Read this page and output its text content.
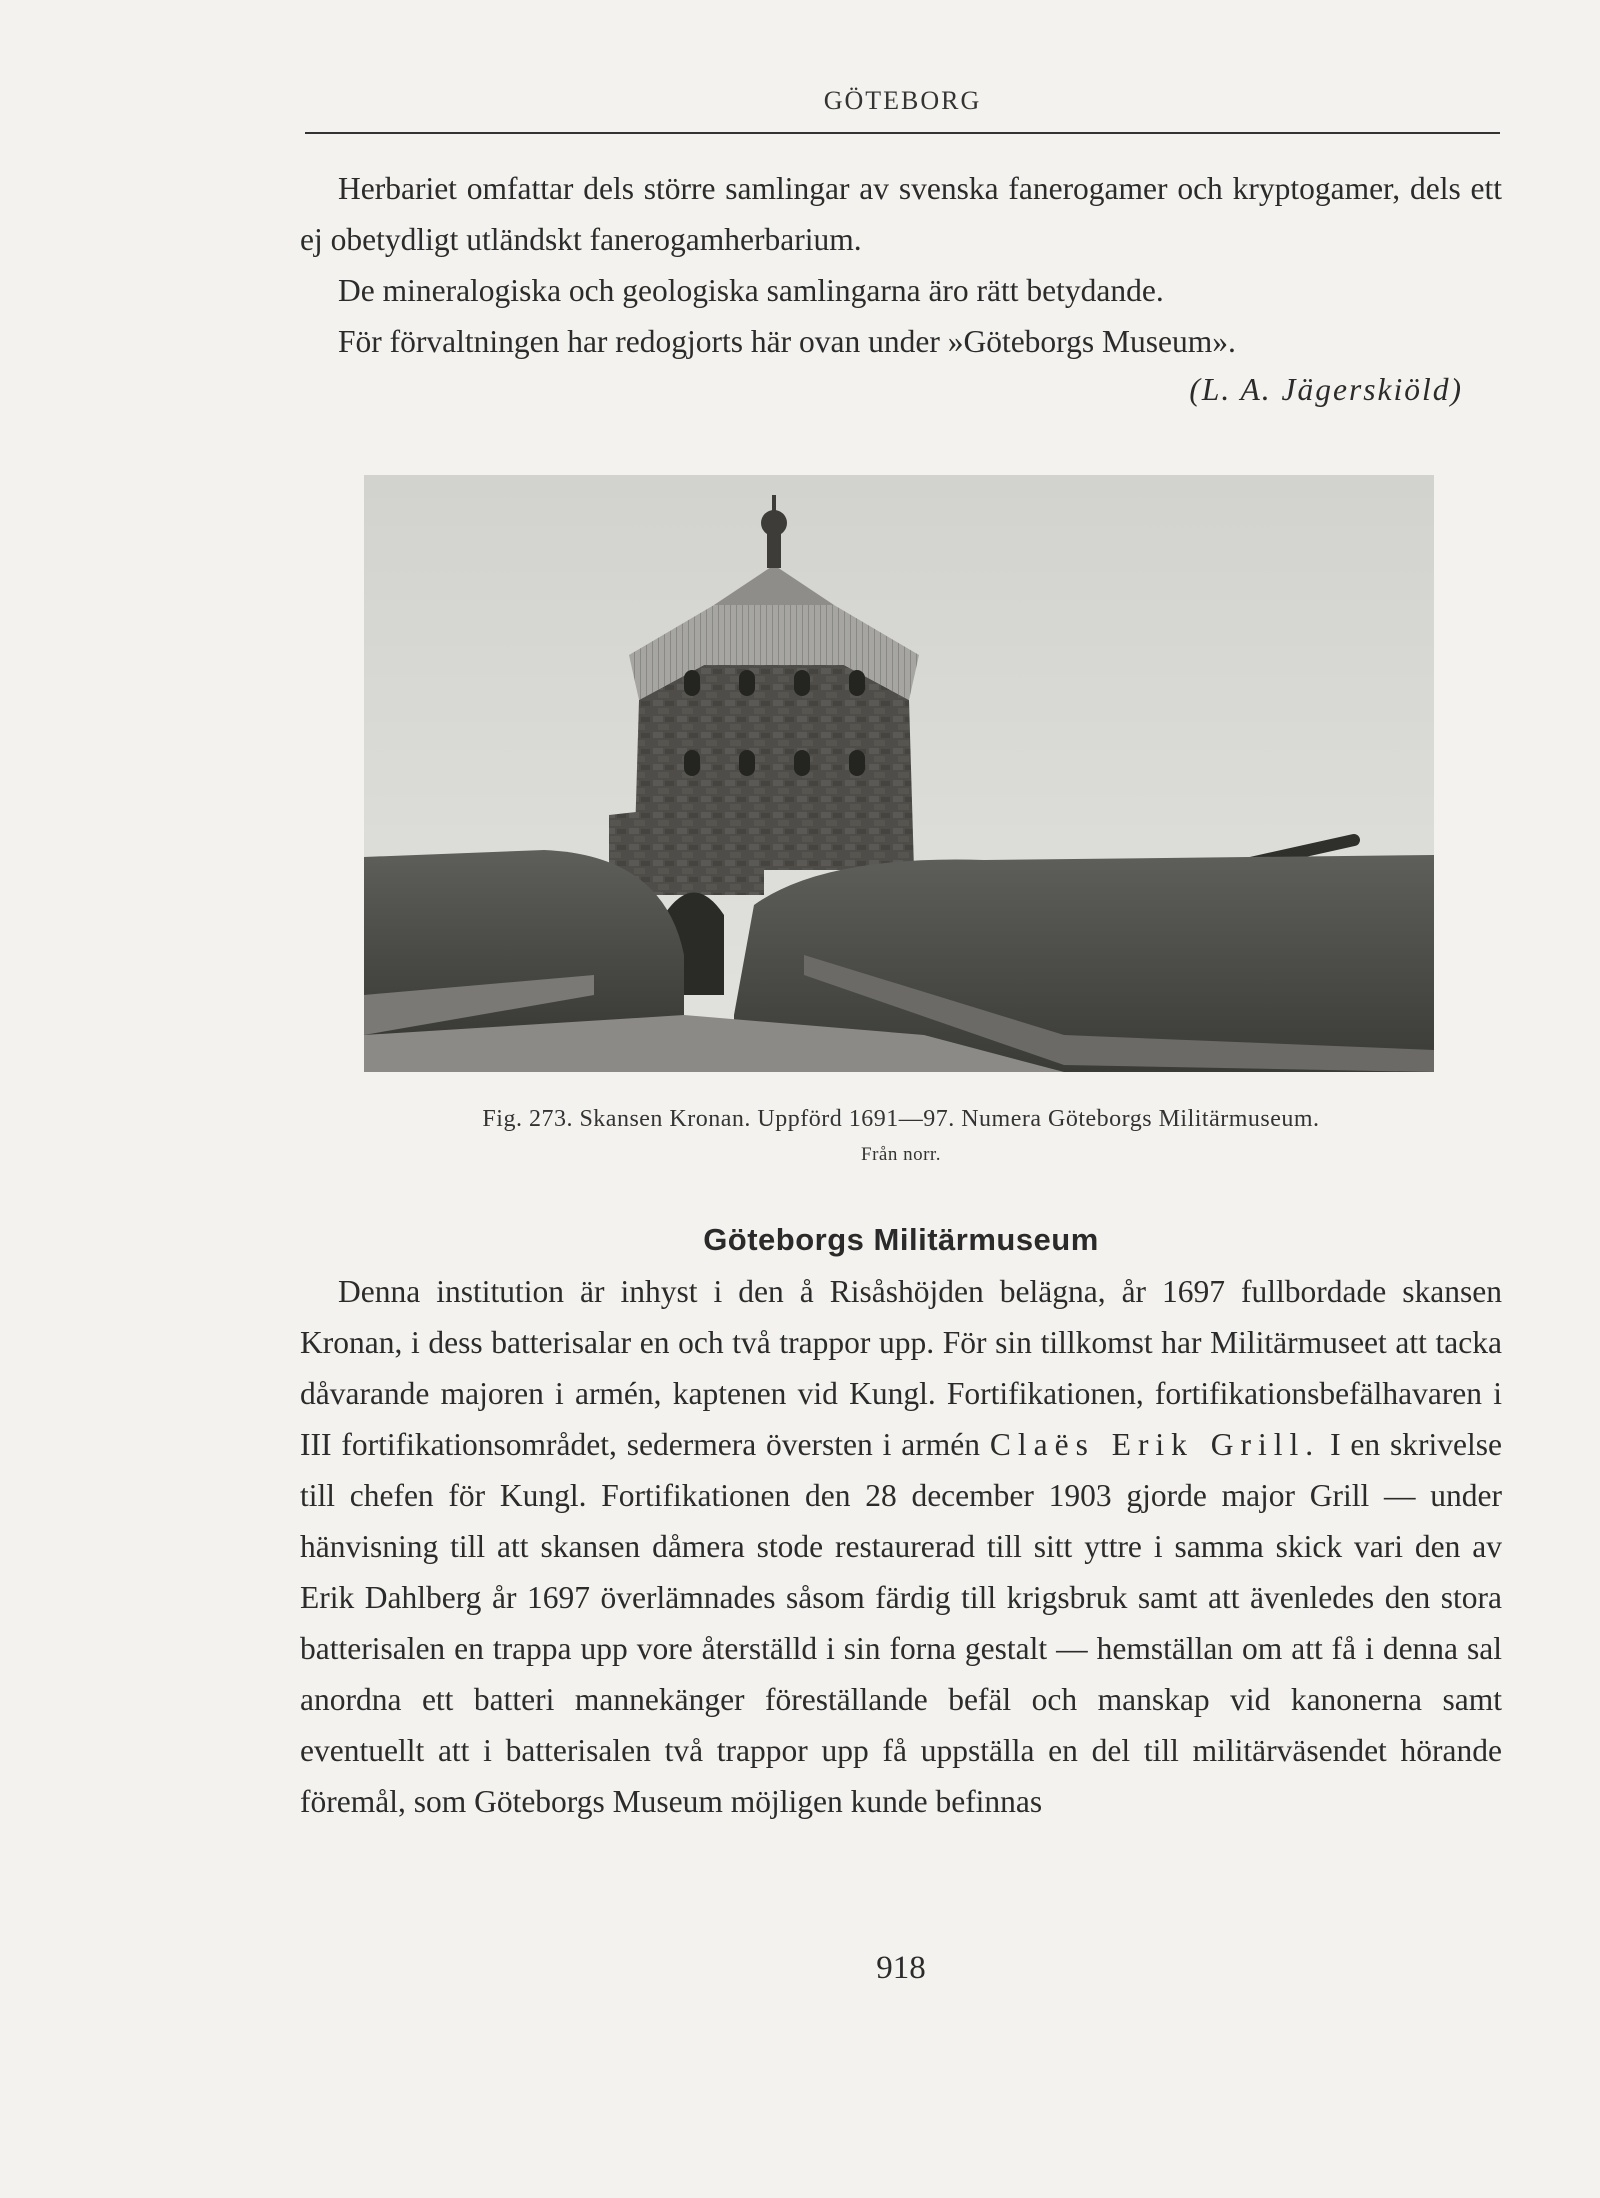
GÖTEBORG

Herbariet omfattar dels större samlingar av svenska fanerogamer och kryptogamer, dels ett ej obetydligt utländskt fanerogamherbarium.

De mineralogiska och geologiska samlingarna äro rätt betydande.

För förvaltningen har redogjorts här ovan under »Göteborgs Museum».

(L. A. Jägerskiöld)
Fig. 273. Skansen Kronan. Uppförd 1691—97. Numera Göteborgs Militärmuseum.
Från norr.
Göteborgs Militärmuseum

Denna institution är inhyst i den å Risåshöjden belägna, år 1697 fullbordade skansen Kronan, i dess batterisalar en och två trappor upp. För sin tillkomst har Militärmuseet att tacka dåvarande majoren i armén, kaptenen vid Kungl. Fortifikationen, fortifikationsbefälhavaren i III fortifikationsområdet, sedermera översten i armén Claës Erik Grill. I en skrivelse till chefen för Kungl. Fortifikationen den 28 december 1903 gjorde major Grill — under hänvisning till att skansen dåmera stode restaurerad till sitt yttre i samma skick vari den av Erik Dahlberg år 1697 överlämnades såsom färdig till krigsbruk samt att ävenledes den stora batterisalen en trappa upp vore återställd i sin forna gestalt — hemställan om att få i denna sal anordna ett batteri mannekänger föreställande befäl och manskap vid kanonerna samt eventuellt att i batterisalen två trappor upp få uppställa en del till militärväsendet hörande föremål, som Göteborgs Museum möjligen kunde befinnas

918
